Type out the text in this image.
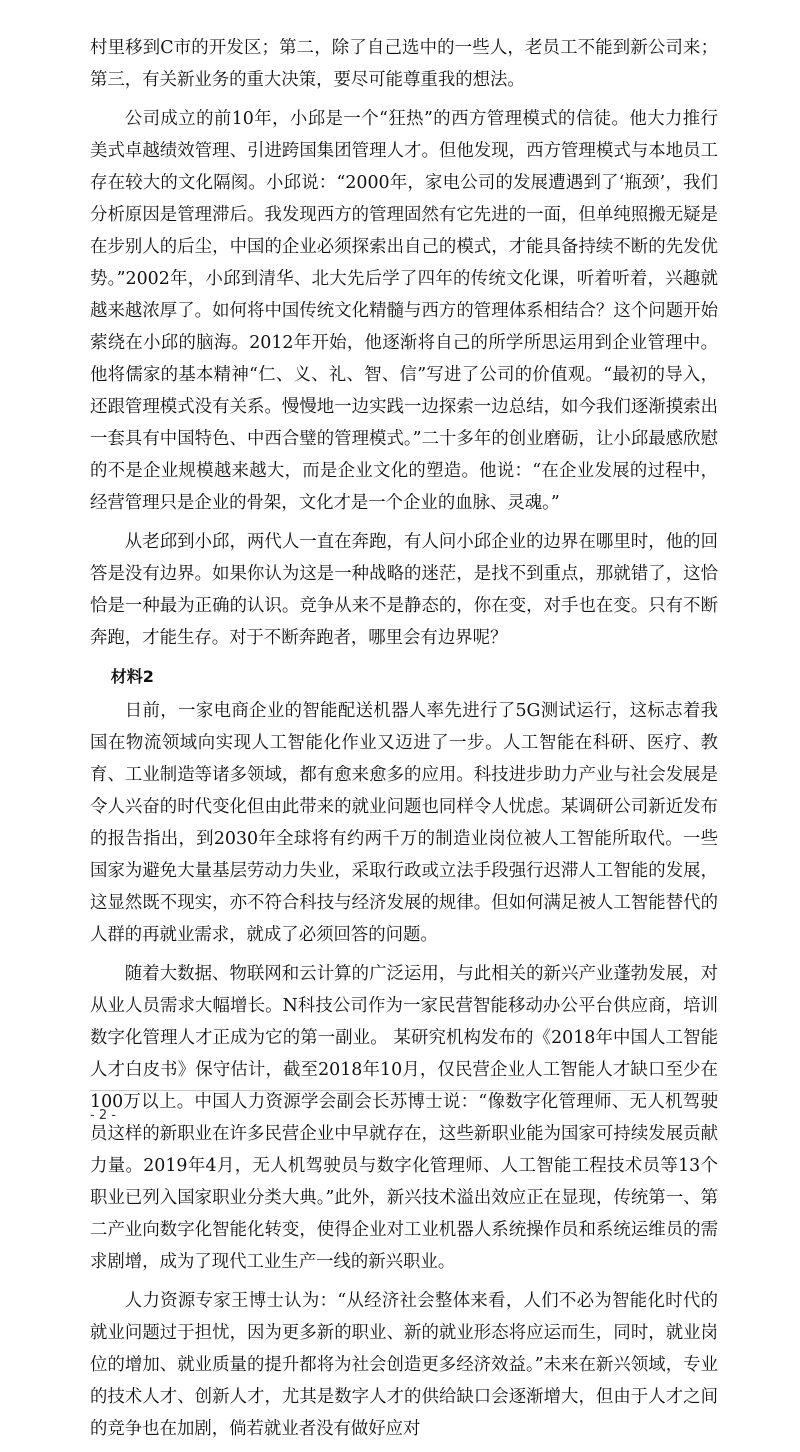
村里移到C市的开发区；第二，除了自己选中的一些人，老员工不能到新公司来；第三，有关新业务的重大决策，要尽可能尊重我的想法。

公司成立的前10年，小邱是一个“狂热”的西方管理模式的信徒。他大力推行美式卓越绩效管理、引进跨国集团管理人才。但他发现，西方管理模式与本地员工存在较大的文化隔阂。小邱说：“2000年，家电公司的发展遭遇到了‘瓶颈’，我们分析原因是管理滞后。我发现西方的管理固然有它先进的一面，但单纯照搬无疑是在步别人的后尘，中国的企业必须探索出自己的模式，才能具备持续不断的先发优势。”2002年，小邱到清华、北大先后学了四年的传统文化课，听着听着，兴趣就越来越浓厚了。如何将中国传统文化精髓与西方的管理体系相结合？这个问题开始萦绕在小邱的脑海。2012年开始，他逐渐将自己的所学所思运用到企业管理中。他将儒家的基本精神“仁、义、礼、智、信”写进了公司的价值观。“最初的导入，还跟管理模式没有关系。慢慢地一边实践一边探索一边总结，如今我们逐渐摸索出一套具有中国特色、中西合璧的管理模式。”二十多年的创业磨砺，让小邱最感欣慰的不是企业规模越来越大，而是企业文化的塑造。他说：“在企业发展的过程中，经营管理只是企业的骨架，文化才是一个企业的血脉、灵魂。”

从老邱到小邱，两代人一直在奔跑，有人问小邱企业的边界在哪里时，他的回答是没有边界。如果你认为这是一种战略的迷茫，是找不到重点，那就错了，这恰恰是一种最为正确的认识。竞争从来不是静态的，你在变，对手也在变。只有不断奔跑，才能生存。对于不断奔跑者，哪里会有边界呢？

材料2

日前，一家电商企业的智能配送机器人率先进行了5G测试运行，这标志着我国在物流领域向实现人工智能化作业又迈进了一步。人工智能在科研、医疗、教育、工业制造等诸多领域，都有愈来愈多的应用。科技进步助力产业与社会发展是令人兴奋的时代变化但由此带来的就业问题也同样令人忧虑。某调研公司新近发布的报告指出，到2030年全球将有约两千万的制造业岗位被人工智能所取代。一些国家为避免大量基层劳动力失业，采取行政或立法手段强行迟滞人工智能的发展，这显然既不现实，亦不符合科技与经济发展的规律。但如何满足被人工智能替代的人群的再就业需求，就成了必须回答的问题。

随着大数据、物联网和云计算的广泛运用，与此相关的新兴产业蓬勃发展，对从业人员需求大幅增长。N科技公司作为一家民营智能移动办公平台供应商，培训数字化管理人才正成为它的第一副业。 某研究机构发布的《2018年中国人工智能人才白皮书》保守估计，截至2018年10月，仅民营企业人工智能人才缺口至少在100万以上。中国人力资源学会副会长苏博士说：“像数字化管理师、无人机驾驶员这样的新职业在许多民营企业中早就存在，这些新职业能为国家可持续发展贡献力量。2019年4月，无人机驾驶员与数字化管理师、人工智能工程技术员等13个职业已列入国家职业分类大典。”此外，新兴技术溢出效应正在显现，传统第一、第二产业向数字化智能化转变，使得企业对工业机器人系统操作员和系统运维员的需求剧增，成为了现代工业生产一线的新兴职业。

人力资源专家王博士认为：“从经济社会整体来看，人们不必为智能化时代的就业问题过于担忧，因为更多新的职业、新的就业形态将应运而生，同时，就业岗位的增加、就业质量的提升都将为社会创造更多经济效益。”未来在新兴领域，专业的技术人才、创新人才，尤其是数字人才的供给缺口会逐渐增大，但由于人才之间的竞争也在加剧，倘若就业者没有做好应对

- 2 -
